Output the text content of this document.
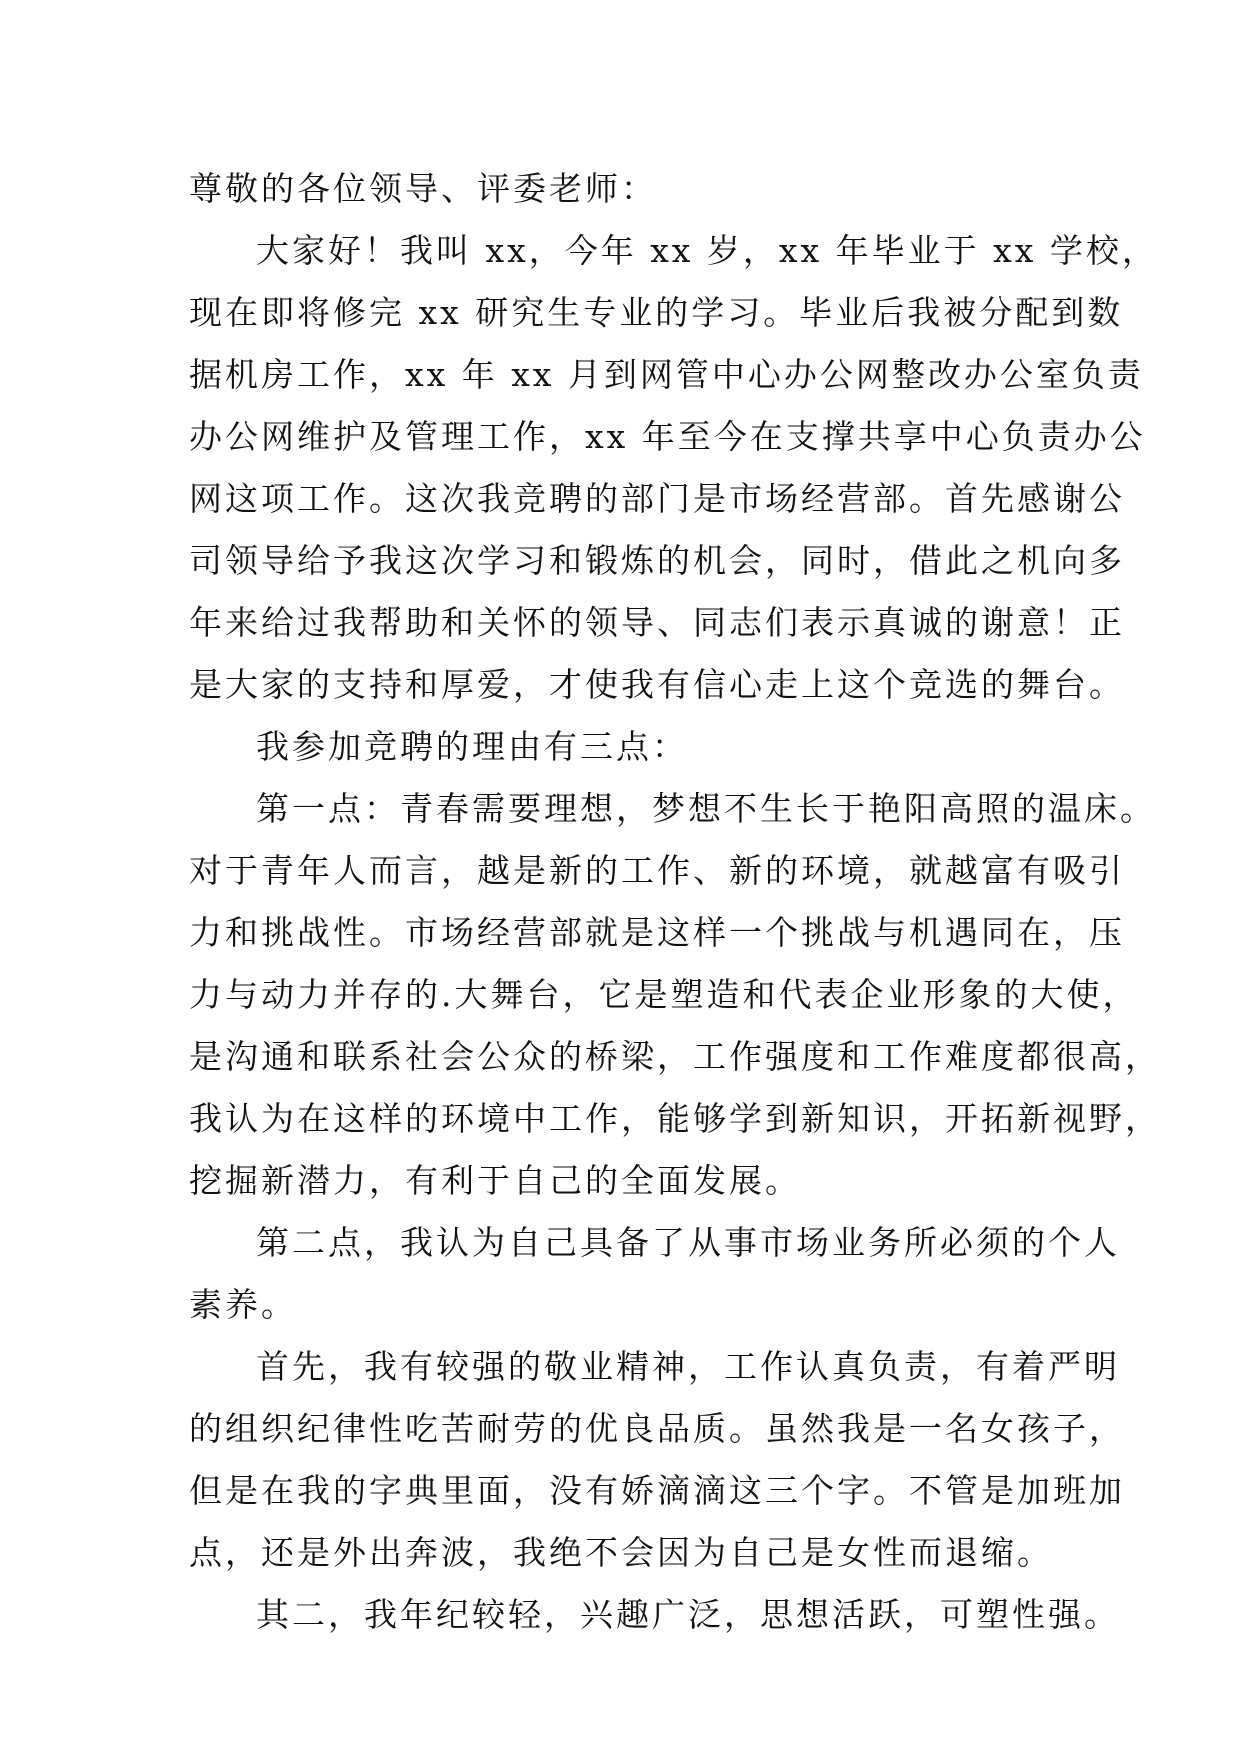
尊敬的各位领导、评委老师：
大家好！我叫 xx，今年 xx 岁，xx 年毕业于 xx 学校，
现在即将修完 xx 研究生专业的学习。毕业后我被分配到数
据机房工作，xx 年 xx 月到网管中心办公网整改办公室负责
办公网维护及管理工作，xx 年至今在支撑共享中心负责办公
网这项工作。这次我竞聘的部门是市场经营部。首先感谢公
司领导给予我这次学习和锻炼的机会，同时，借此之机向多
年来给过我帮助和关怀的领导、同志们表示真诚的谢意！正
是大家的支持和厚爱，才使我有信心走上这个竞选的舞台。
我参加竞聘的理由有三点：
第一点：青春需要理想，梦想不生长于艳阳高照的温床。
对于青年人而言，越是新的工作、新的环境，就越富有吸引
力和挑战性。市场经营部就是这样一个挑战与机遇同在，压
力与动力并存的.大舞台，它是塑造和代表企业形象的大使，
是沟通和联系社会公众的桥梁，工作强度和工作难度都很高，
我认为在这样的环境中工作，能够学到新知识，开拓新视野，
挖掘新潜力，有利于自己的全面发展。
第二点，我认为自己具备了从事市场业务所必须的个人
素养。
首先，我有较强的敬业精神，工作认真负责，有着严明
的组织纪律性吃苦耐劳的优良品质。虽然我是一名女孩子，
但是在我的字典里面，没有娇滴滴这三个字。不管是加班加
点，还是外出奔波，我绝不会因为自己是女性而退缩。
其二，我年纪较轻，兴趣广泛，思想活跃，可塑性强。
